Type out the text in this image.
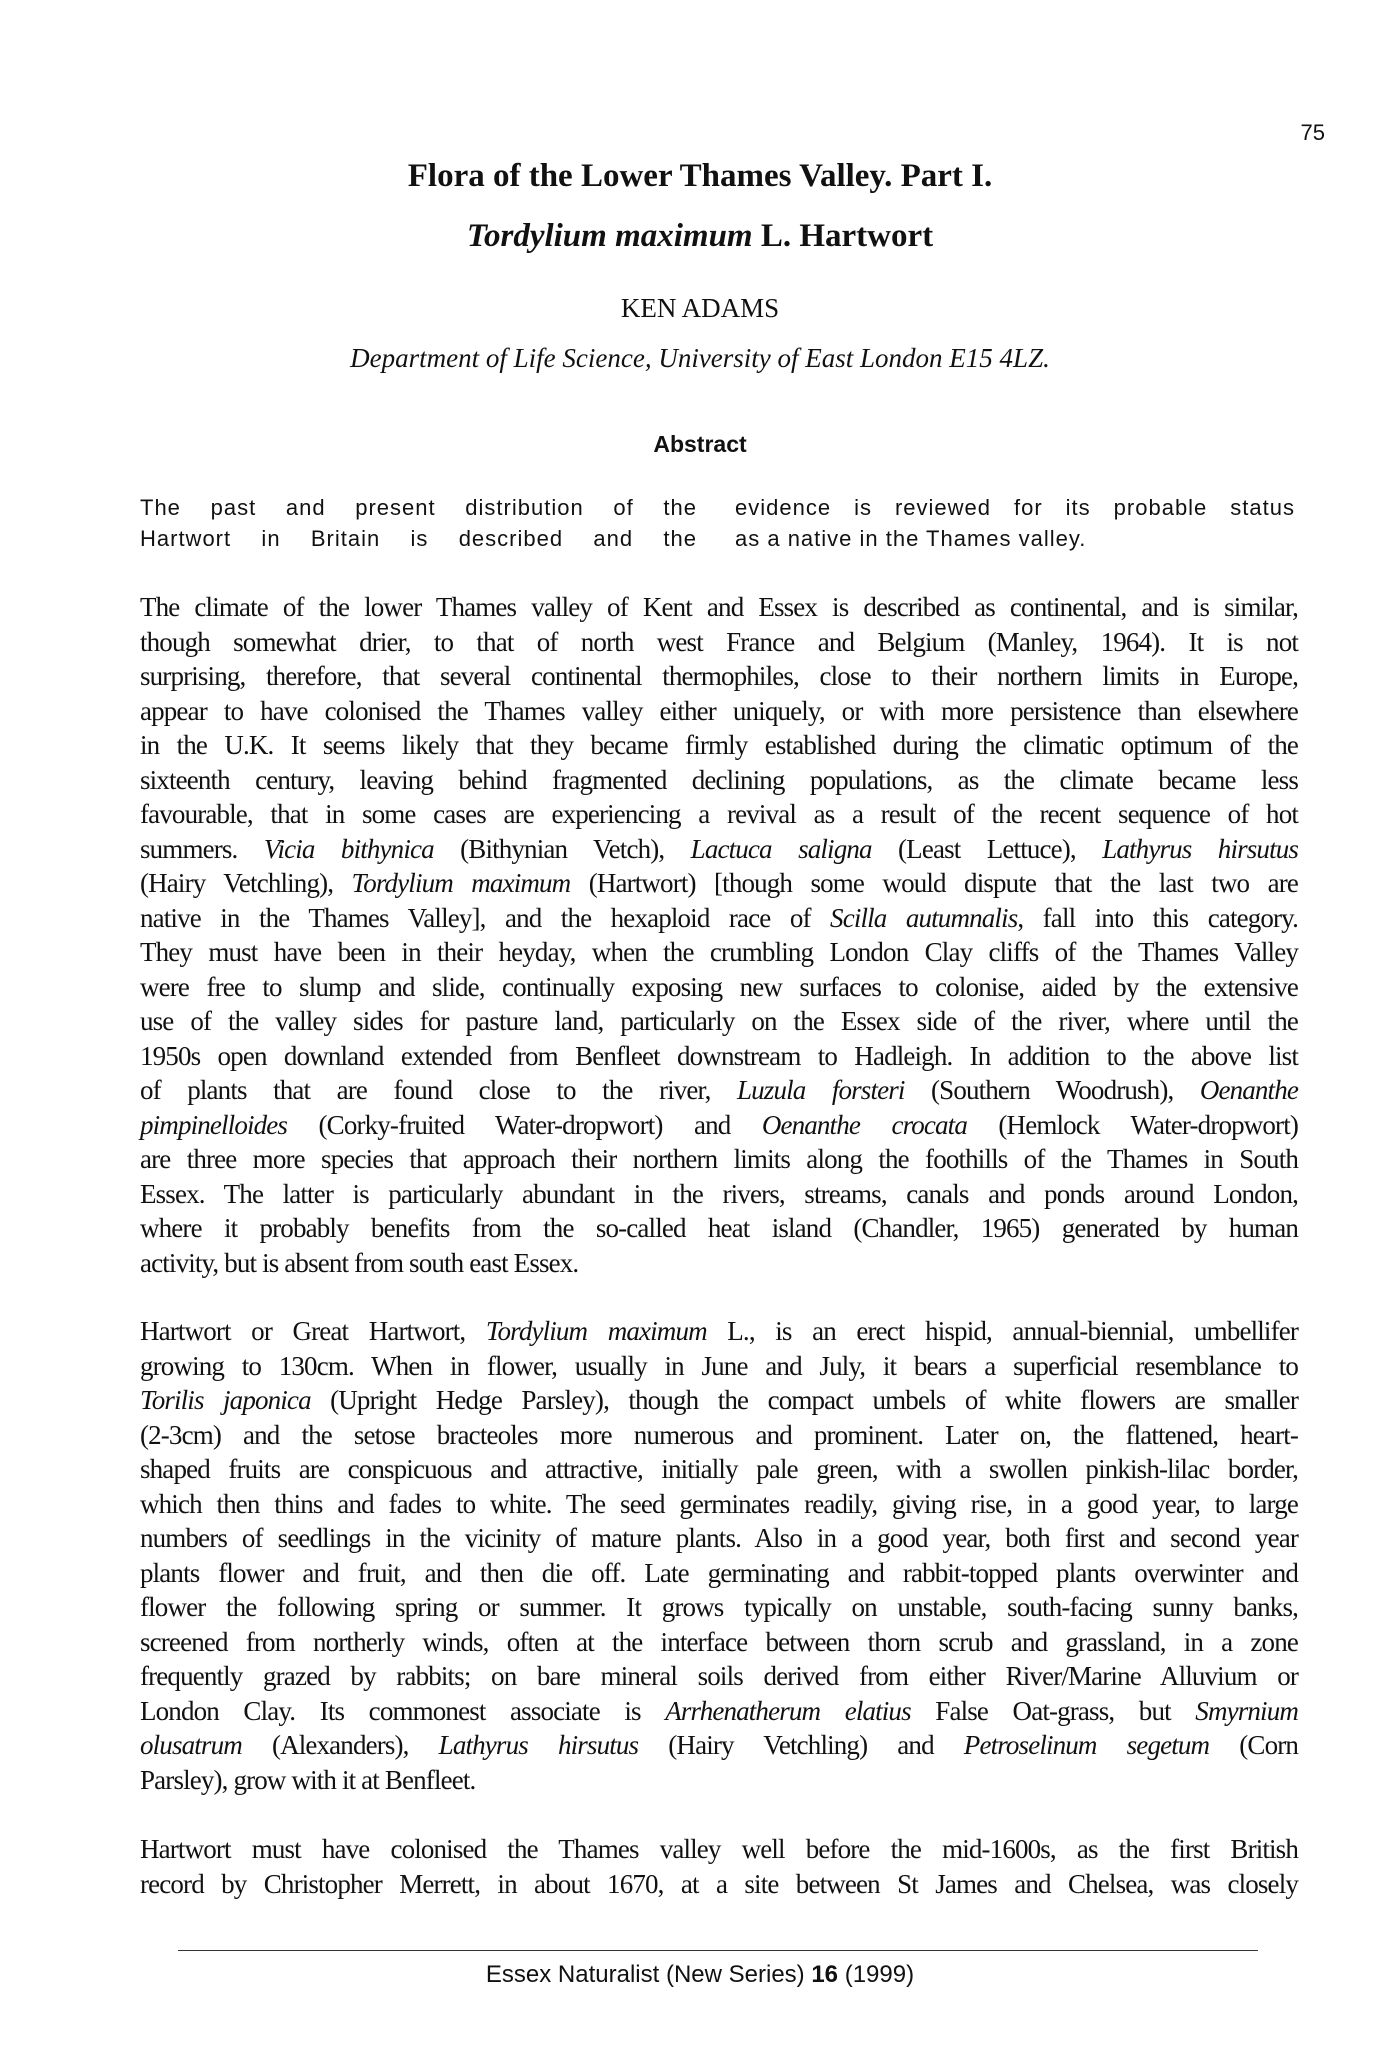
75
Flora of the Lower Thames Valley. Part I.
Tordylium maximum L. Hartwort
KEN ADAMS
Department of Life Science, University of East London E15 4LZ.
Abstract
The past and present distribution of the
Hartwort in Britain is described and the
evidence is reviewed for its probable status
as a native in the Thames valley.
The climate of the lower Thames valley of Kent and Essex is described as continental, and is similar,
though somewhat drier, to that of north west France and Belgium (Manley, 1964). It is not
surprising, therefore, that several continental thermophiles, close to their northern limits in Europe,
appear to have colonised the Thames valley either uniquely, or with more persistence than elsewhere
in the U.K. It seems likely that they became firmly established during the climatic optimum of the
sixteenth century, leaving behind fragmented declining populations, as the climate became less
favourable, that in some cases are experiencing a revival as a result of the recent sequence of hot
summers. Vicia bithynica (Bithynian Vetch), Lactuca saligna (Least Lettuce), Lathyrus hirsutus
(Hairy Vetchling), Tordylium maximum (Hartwort) [though some would dispute that the last two are
native in the Thames Valley], and the hexaploid race of Scilla autumnalis, fall into this category.
They must have been in their heyday, when the crumbling London Clay cliffs of the Thames Valley
were free to slump and slide, continually exposing new surfaces to colonise, aided by the extensive
use of the valley sides for pasture land, particularly on the Essex side of the river, where until the
1950s open downland extended from Benfleet downstream to Hadleigh. In addition to the above list
of plants that are found close to the river, Luzula forsteri (Southern Woodrush), Oenanthe
pimpinelloides (Corky-fruited Water-dropwort) and Oenanthe crocata (Hemlock Water-dropwort)
are three more species that approach their northern limits along the foothills of the Thames in South
Essex. The latter is particularly abundant in the rivers, streams, canals and ponds around London,
where it probably benefits from the so-called heat island (Chandler, 1965) generated by human
activity, but is absent from south east Essex.
Hartwort or Great Hartwort, Tordylium maximum L., is an erect hispid, annual-biennial, umbellifer
growing to 130cm. When in flower, usually in June and July, it bears a superficial resemblance to
Torilis japonica (Upright Hedge Parsley), though the compact umbels of white flowers are smaller
(2-3cm) and the setose bracteoles more numerous and prominent. Later on, the flattened, heart-
shaped fruits are conspicuous and attractive, initially pale green, with a swollen pinkish-lilac border,
which then thins and fades to white. The seed germinates readily, giving rise, in a good year, to large
numbers of seedlings in the vicinity of mature plants. Also in a good year, both first and second year
plants flower and fruit, and then die off. Late germinating and rabbit-topped plants overwinter and
flower the following spring or summer. It grows typically on unstable, south-facing sunny banks,
screened from northerly winds, often at the interface between thorn scrub and grassland, in a zone
frequently grazed by rabbits; on bare mineral soils derived from either River/Marine Alluvium or
London Clay. Its commonest associate is Arrhenatherum elatius False Oat-grass, but Smyrnium
olusatrum (Alexanders), Lathyrus hirsutus (Hairy Vetchling) and Petroselinum segetum (Corn
Parsley), grow with it at Benfleet.
Hartwort must have colonised the Thames valley well before the mid-1600s, as the first British
record by Christopher Merrett, in about 1670, at a site between St James and Chelsea, was closely
Essex Naturalist (New Series) 16 (1999)
